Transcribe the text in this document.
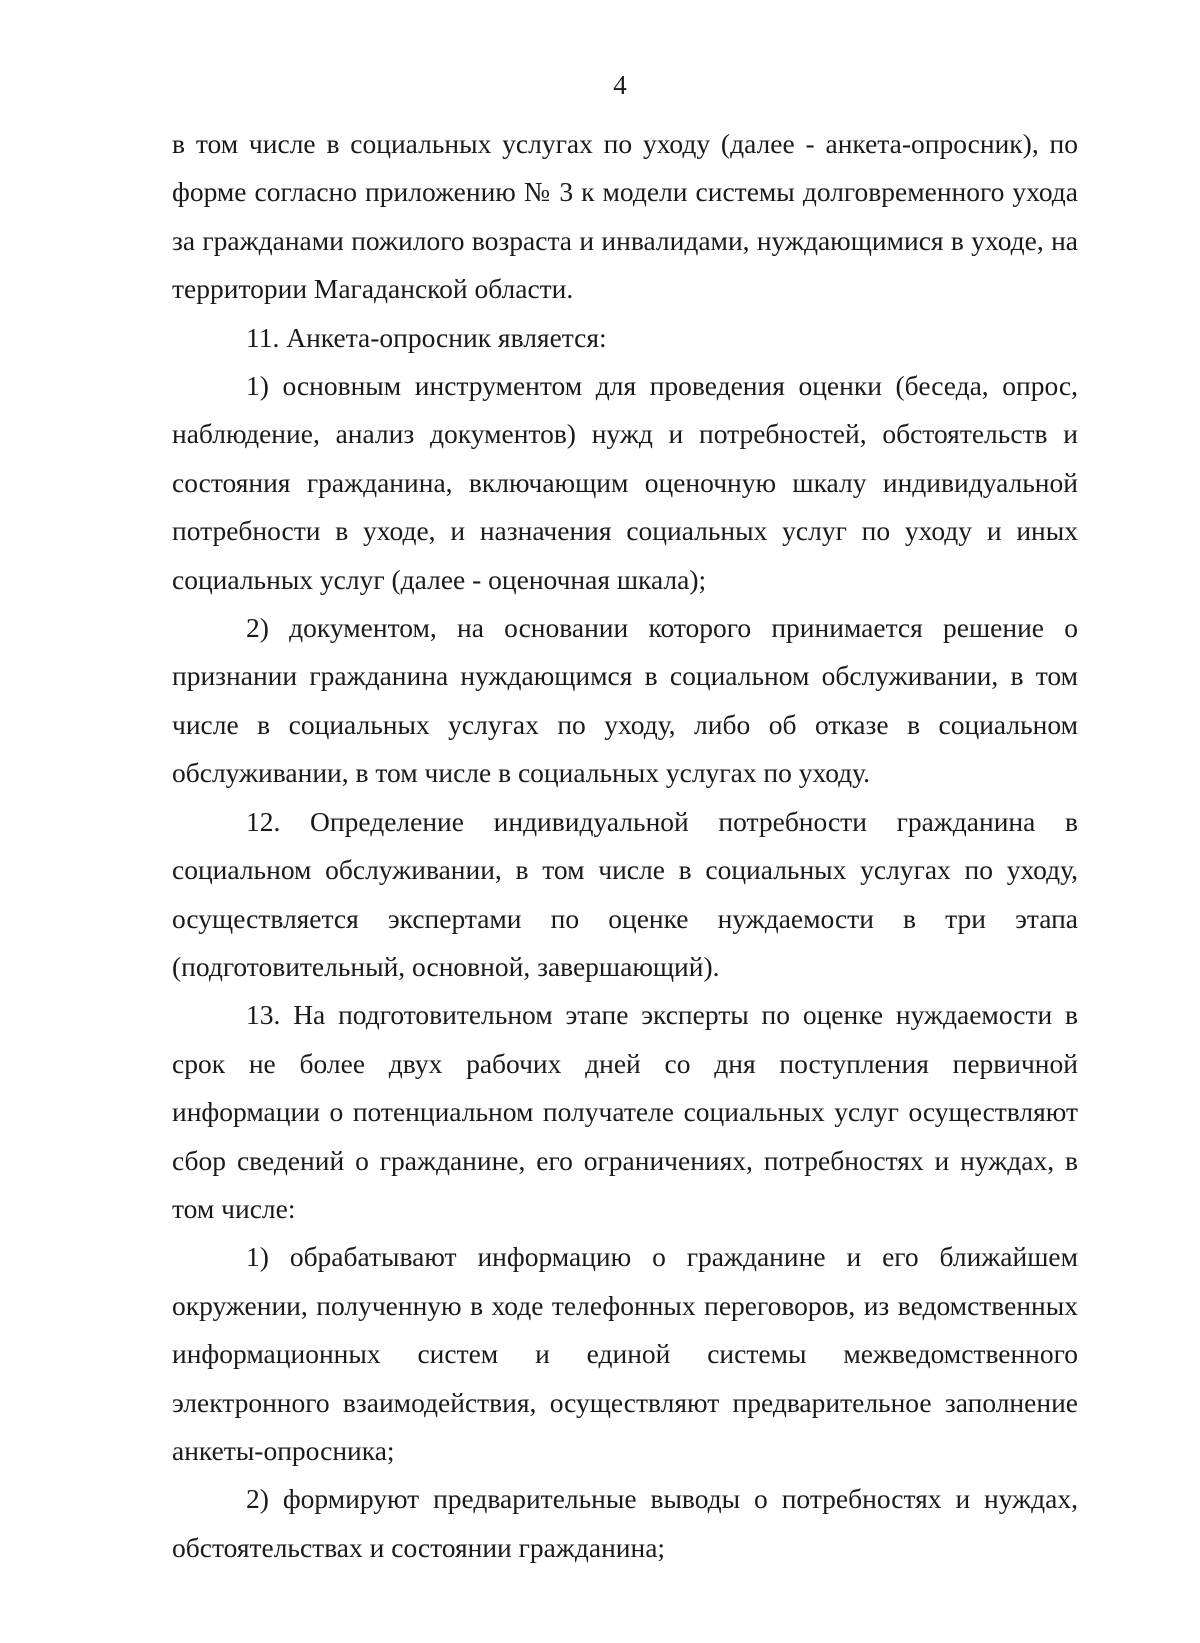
4

в том числе в социальных услугах по уходу (далее - анкета-опросник), по форме согласно приложению № 3 к модели системы долговременного ухода за гражданами пожилого возраста и инвалидами, нуждающимися в уходе, на территории Магаданской области.

11. Анкета-опросник является:

1) основным инструментом для проведения оценки (беседа, опрос, наблюдение, анализ документов) нужд и потребностей, обстоятельств и состояния гражданина, включающим оценочную шкалу индивидуальной потребности в уходе, и назначения социальных услуг по уходу и иных социальных услуг (далее - оценочная шкала);

2) документом, на основании которого принимается решение о признании гражданина нуждающимся в социальном обслуживании, в том числе в социальных услугах по уходу, либо об отказе в социальном обслуживании, в том числе в социальных услугах по уходу.

12. Определение индивидуальной потребности гражданина в социальном обслуживании, в том числе в социальных услугах по уходу, осуществляется экспертами по оценке нуждаемости в три этапа (подготовительный, основной, завершающий).

13. На подготовительном этапе эксперты по оценке нуждаемости в срок не более двух рабочих дней со дня поступления первичной информации о потенциальном получателе социальных услуг осуществляют сбор сведений о гражданине, его ограничениях, потребностях и нуждах, в том числе:

1) обрабатывают информацию о гражданине и его ближайшем окружении, полученную в ходе телефонных переговоров, из ведомственных информационных систем и единой системы межведомственного электронного взаимодействия, осуществляют предварительное заполнение анкеты-опросника;

2) формируют предварительные выводы о потребностях и нуждах, обстоятельствах и состоянии гражданина;
